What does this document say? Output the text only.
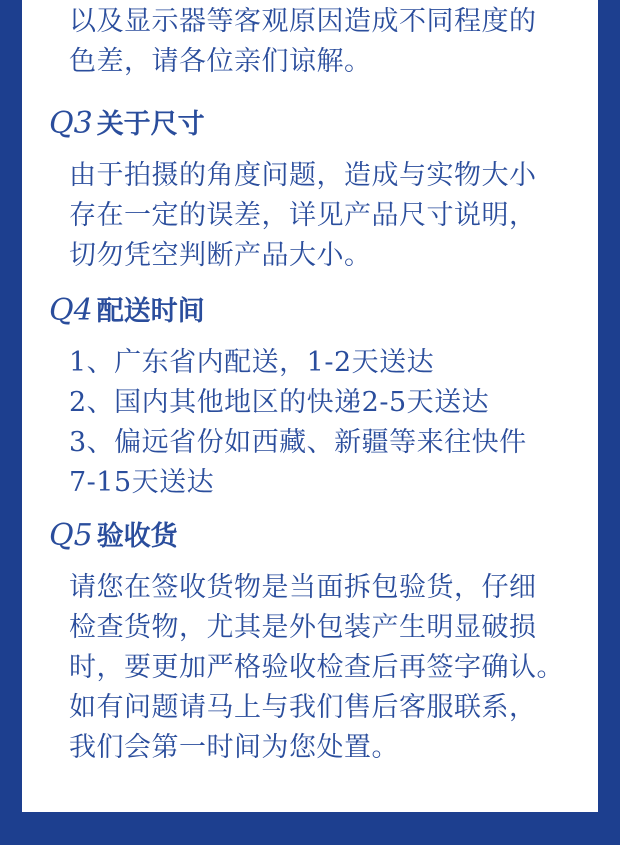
以及显示器等客观原因造成不同程度的
色差，请各位亲们谅解。
Q3 关于尺寸
由于拍摄的角度问题，造成与实物大小
存在一定的误差，详见产品尺寸说明，
切勿凭空判断产品大小。
Q4 配送时间
1、广东省内配送，1-2天送达
2、国内其他地区的快递2-5天送达
3、偏远省份如西藏、新疆等来往快件
7-15天送达
Q5 验收货
请您在签收货物是当面拆包验货，仔细
检查货物，尤其是外包装产生明显破损
时，要更加严格验收检查后再签字确认。
如有问题请马上与我们售后客服联系，
我们会第一时间为您处置。
